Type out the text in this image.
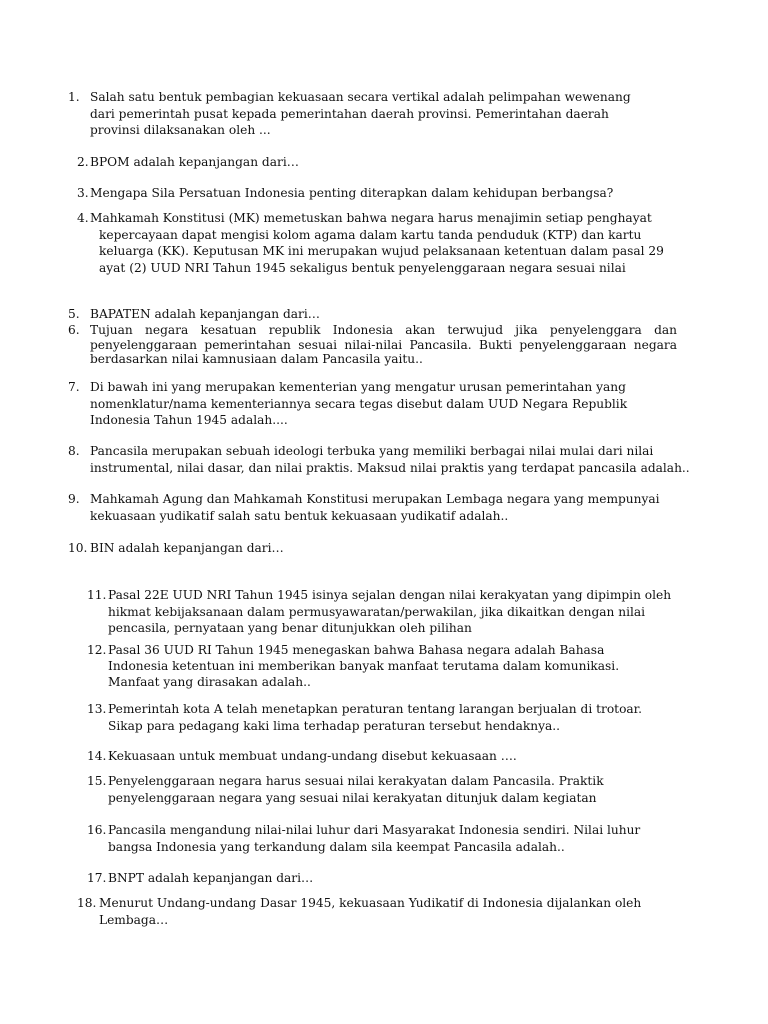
1. Salah satu bentuk pembagian kekuasaan secara vertikal adalah pelimpahan wewenang dari pemerintah pusat kepada pemerintahan daerah provinsi. Pemerintahan daerah provinsi dilaksanakan oleh ...
2. BPOM adalah kepanjangan dari…
3. Mengapa Sila Persatuan Indonesia penting diterapkan dalam kehidupan berbangsa?
4. Mahkamah Konstitusi (MK) memetuskan bahwa negara harus menajimin setiap penghayat kepercayaan dapat mengisi kolom agama dalam kartu tanda penduduk (KTP) dan kartu keluarga (KK). Keputusan MK ini merupakan wujud pelaksanaan ketentuan dalam pasal 29 ayat (2) UUD NRI Tahun 1945 sekaligus bentuk penyelenggaraan negara sesuai nilai
5. BAPATEN adalah kepanjangan dari…
6. Tujuan negara kesatuan republik Indonesia akan terwujud jika penyelenggara dan penyelenggaraan pemerintahan sesuai nilai-nilai Pancasila. Bukti penyelenggaraan negara berdasarkan nilai kamnusiaan dalam Pancasila yaitu..
7. Di bawah ini yang merupakan kementerian yang mengatur urusan pemerintahan yang nomenklatur/nama kementeriannya secara tegas disebut dalam UUD Negara Republik Indonesia Tahun 1945 adalah....
8. Pancasila merupakan sebuah ideologi terbuka yang memiliki berbagai nilai mulai dari nilai instrumental, nilai dasar, dan nilai praktis. Maksud nilai praktis yang terdapat pancasila adalah..
9. Mahkamah Agung dan Mahkamah Konstitusi merupakan Lembaga negara yang mempunyai kekuasaan yudikatif salah satu bentuk kekuasaan yudikatif adalah..
10. BIN adalah kepanjangan dari…
11. Pasal 22E UUD NRI Tahun 1945 isinya sejalan dengan nilai kerakyatan yang dipimpin oleh hikmat kebijaksanaan dalam permusyawaratan/perwakilan, jika dikaitkan dengan nilai pencasila, pernyataan yang benar ditunjukkan oleh pilihan
12. Pasal 36 UUD RI Tahun 1945 menegaskan bahwa Bahasa negara adalah Bahasa Indonesia ketentuan ini memberikan banyak manfaat terutama dalam komunikasi. Manfaat yang dirasakan adalah..
13. Pemerintah kota A telah menetapkan peraturan tentang larangan berjualan di trotoar. Sikap para pedagang kaki lima terhadap peraturan tersebut hendaknya..
14. Kekuasaan untuk membuat undang-undang disebut kekuasaan ….
15. Penyelenggaraan negara harus sesuai nilai kerakyatan dalam Pancasila. Praktik penyelenggaraan negara yang sesuai nilai kerakyatan ditunjuk dalam kegiatan
16. Pancasila mengandung nilai-nilai luhur dari Masyarakat Indonesia sendiri. Nilai luhur bangsa Indonesia yang terkandung dalam sila keempat Pancasila adalah..
17. BNPT adalah kepanjangan dari…
18. Menurut Undang-undang Dasar 1945, kekuasaan Yudikatif di Indonesia dijalankan oleh Lembaga…
